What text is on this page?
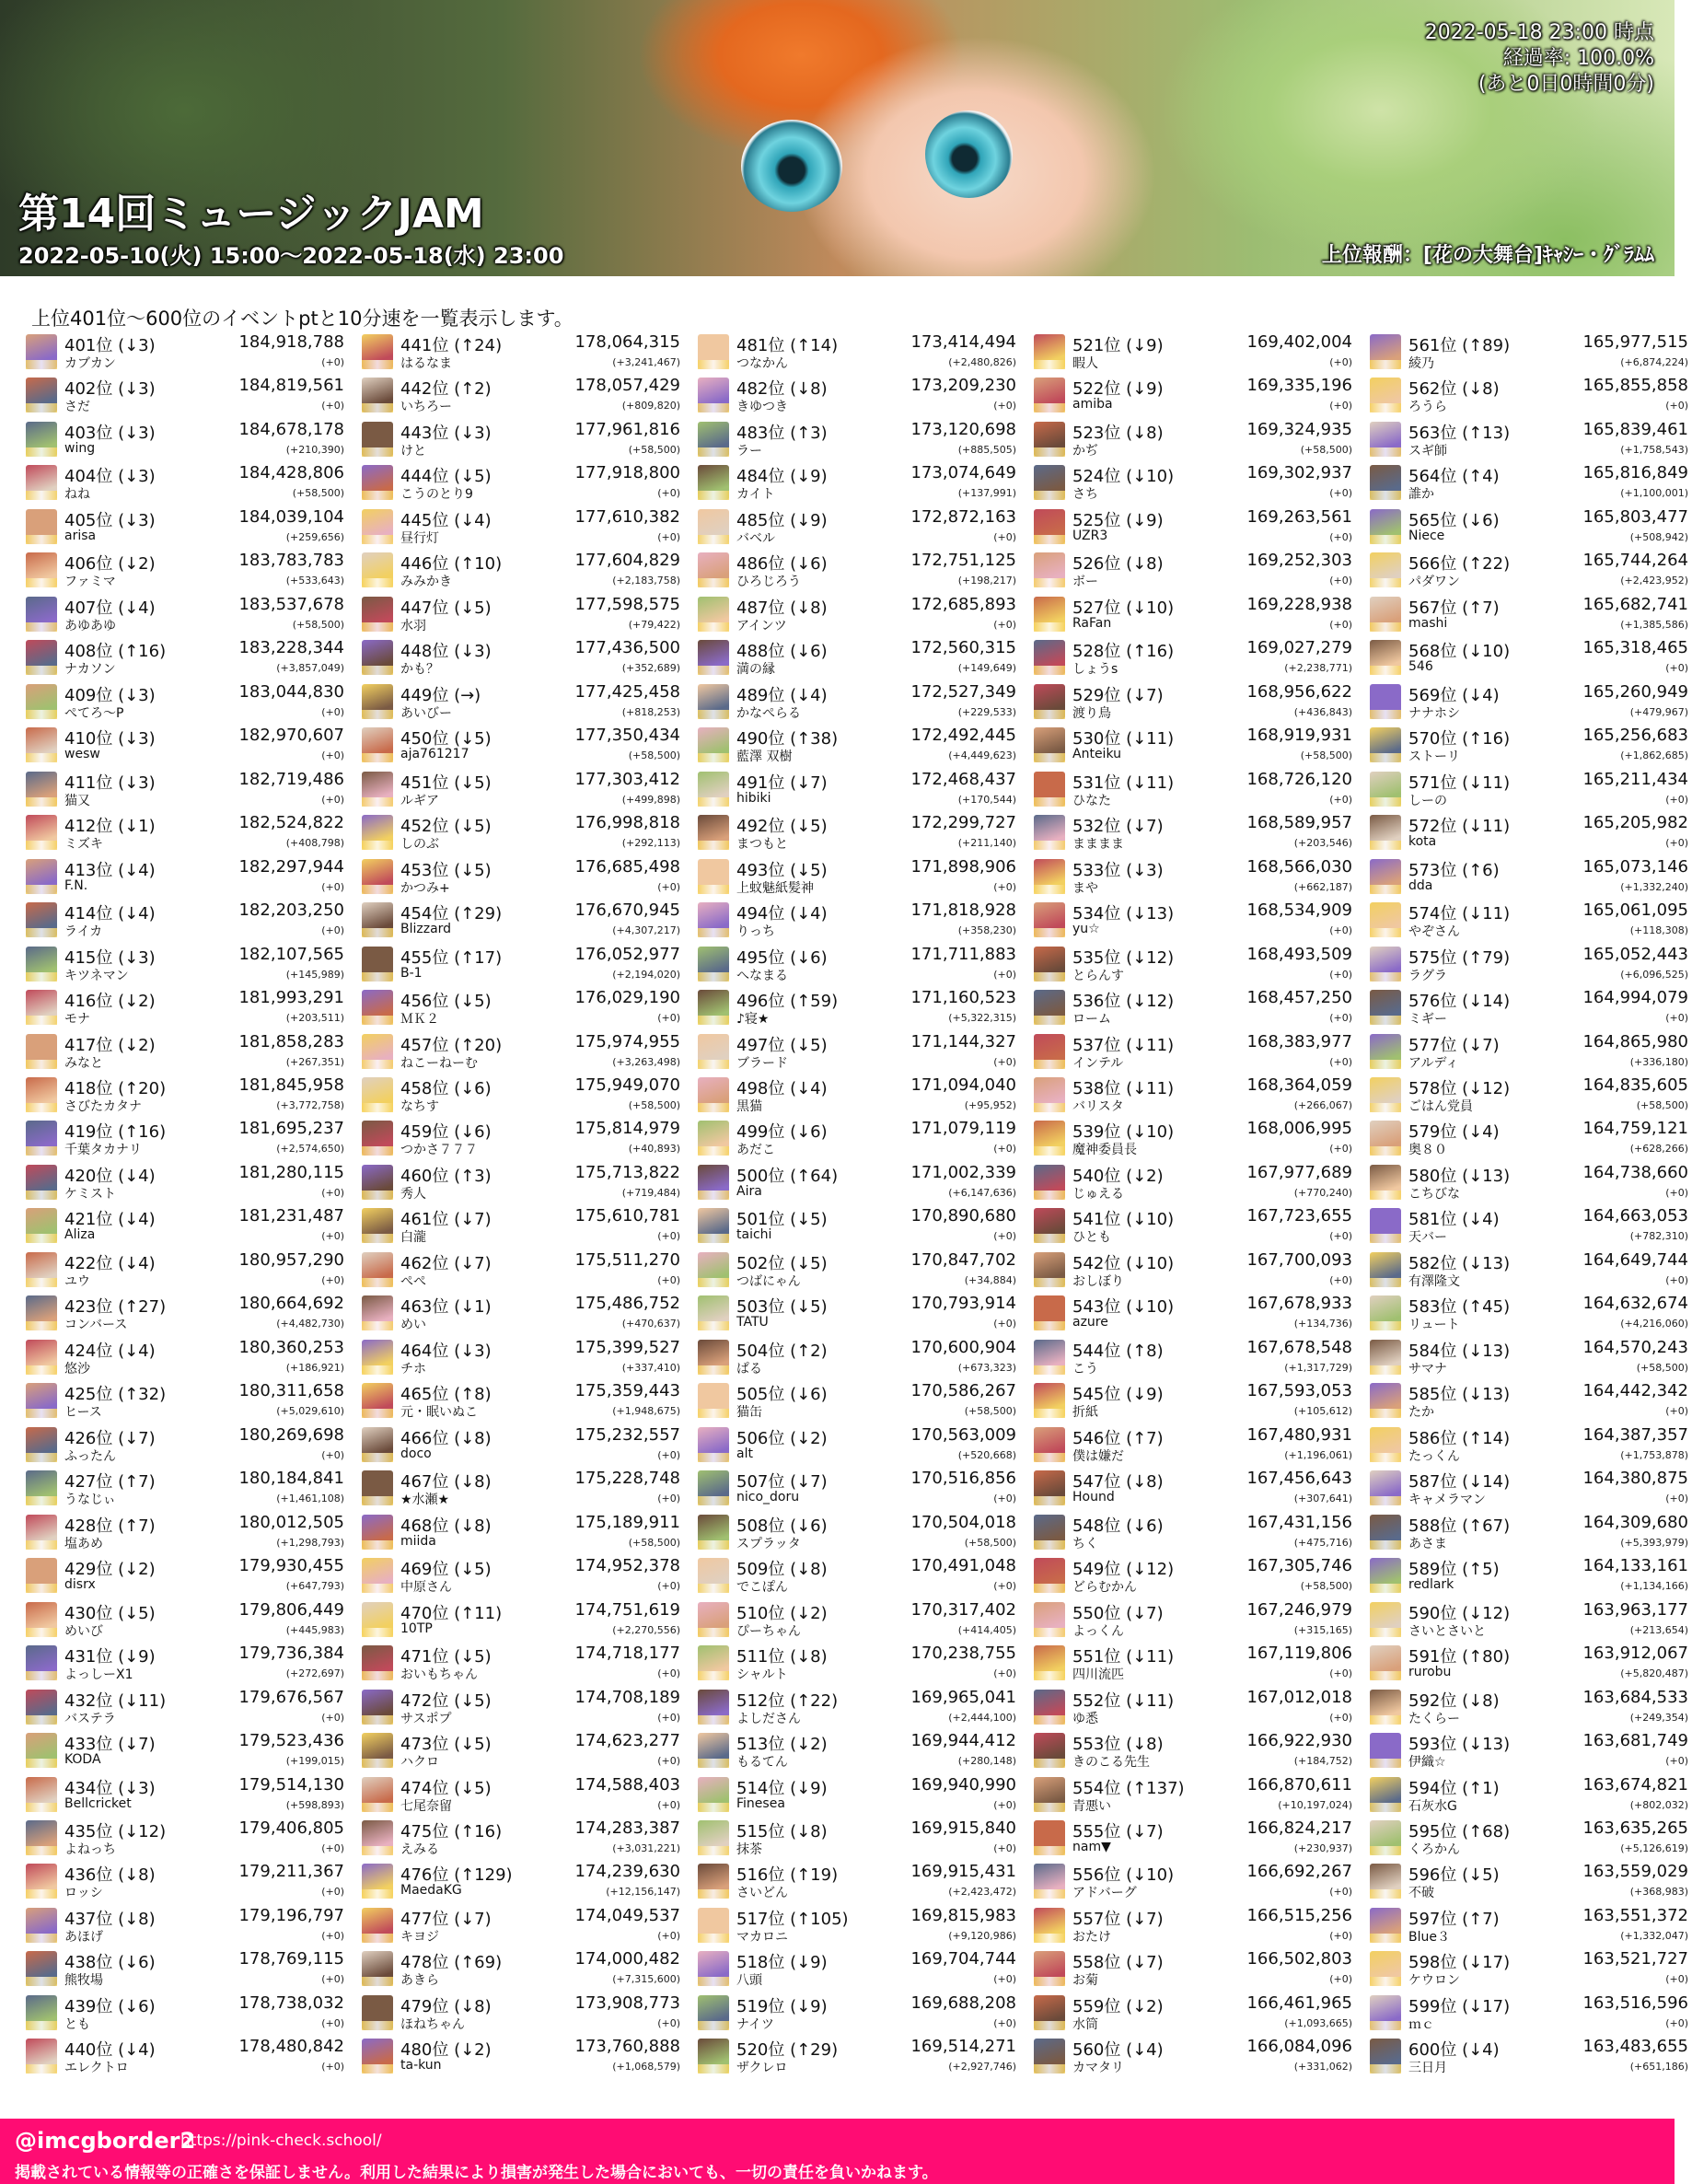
第14回ミュージックJAM
2022-05-10(火) 15:00～2022-05-18(水) 23:00	上位報酬：[花の大舞台]ｷｬｼｰ・ｸﾞﾗﾑﾑ
2022-05-18 23:00 時点
経過率: 100.0%
(あと0日0時間0分)
上位401位～600位のイベントptと10分速を一覧表示します。
401位 (↓3)
カブカン
184,918,788
(+0)
402位 (↓3)
さだ
184,819,561
(+0)
403位 (↓3)
wing
184,678,178
(+210,390)
404位 (↓3)
ねね
184,428,806
(+58,500)
405位 (↓3)
arisa
184,039,104
(+259,656)
406位 (↓2)
ファミマ
183,783,783
(+533,643)
407位 (↓4)
あゆあゆ
183,537,678
(+58,500)
408位 (↑16)
ナカソン
183,228,344
(+3,857,049)
409位 (↓3)
ぺてろ～P
183,044,830
(+0)
410位 (↓3)
wesw
182,970,607
(+0)
411位 (↓3)
猫又
182,719,486
(+0)
412位 (↓1)
ミズキ
182,524,822
(+408,798)
413位 (↓4)
F.N.
182,297,944
(+0)
414位 (↓4)
ライカ
182,203,250
(+0)
415位 (↓3)
キツネマン
182,107,565
(+145,989)
416位 (↓2)
モナ
181,993,291
(+203,511)
417位 (↓2)
みなと
181,858,283
(+267,351)
418位 (↑20)
さびたカタナ
181,845,958
(+3,772,758)
419位 (↑16)
千葉タカナリ
181,695,237
(+2,574,650)
420位 (↓4)
ケミスト
181,280,115
(+0)
421位 (↓4)
Aliza
181,231,487
(+0)
422位 (↓4)
ユウ
180,957,290
(+0)
423位 (↑27)
コンバース
180,664,692
(+4,482,730)
424位 (↓4)
悠沙
180,360,253
(+186,921)
425位 (↑32)
ヒース
180,311,658
(+5,029,610)
426位 (↓7)
ふったん
180,269,698
(+0)
427位 (↑7)
うなじぃ
180,184,841
(+1,461,108)
428位 (↑7)
塩あめ
180,012,505
(+1,298,793)
429位 (↓2)
disrx
179,930,455
(+647,793)
430位 (↓5)
めいび
179,806,449
(+445,983)
431位 (↓9)
よっしーX1
179,736,384
(+272,697)
432位 (↓11)
バステラ
179,676,567
(+0)
433位 (↓7)
KODA
179,523,436
(+199,015)
434位 (↓3)
Bellcricket
179,514,130
(+598,893)
435位 (↓12)
よねっち
179,406,805
(+0)
436位 (↓8)
ロッシ
179,211,367
(+0)
437位 (↓8)
あほげ
179,196,797
(+0)
438位 (↓6)
熊牧場
178,769,115
(+0)
439位 (↓6)
とも
178,738,032
(+0)
440位 (↓4)
エレクトロ
178,480,842
(+0)
441位 (↑24)
はるなま
178,064,315
(+3,241,467)
442位 (↑2)
いちろー
178,057,429
(+809,820)
443位 (↓3)
けと
177,961,816
(+58,500)
444位 (↓5)
こうのとり9
177,918,800
(+0)
445位 (↓4)
昼行灯
177,610,382
(+0)
446位 (↑10)
みみかき
177,604,829
(+2,183,758)
447位 (↓5)
水羽
177,598,575
(+79,422)
448位 (↓3)
かも？
177,436,500
(+352,689)
449位 (→)
あいびー
177,425,458
(+818,253)
450位 (↓5)
aja761217
177,350,434
(+58,500)
451位 (↓5)
ルギア
177,303,412
(+499,898)
452位 (↓5)
しのぶ
176,998,818
(+292,113)
453位 (↓5)
かつみ+
176,685,498
(+0)
454位 (↑29)
Blizzard
176,670,945
(+4,307,217)
455位 (↑17)
B-1
176,052,977
(+2,194,020)
456位 (↓5)
ＭＫ２
176,029,190
(+0)
457位 (↑20)
ねこーねーむ
175,974,955
(+3,263,498)
458位 (↓6)
なちす
175,949,070
(+58,500)
459位 (↓6)
つかさ７７７
175,814,979
(+40,893)
460位 (↑3)
秀人
175,713,822
(+719,484)
461位 (↓7)
白瀧
175,610,781
(+0)
462位 (↓7)
ぺぺ
175,511,270
(+0)
463位 (↓1)
めい
175,486,752
(+470,637)
464位 (↓3)
チホ
175,399,527
(+337,410)
465位 (↑8)
元・眠いぬこ
175,359,443
(+1,948,675)
466位 (↓8)
doco
175,232,557
(+0)
467位 (↓8)
★水瀬★
175,228,748
(+0)
468位 (↓8)
miida
175,189,911
(+58,500)
469位 (↓5)
中原さん
174,952,378
(+0)
470位 (↑11)
10TP
174,751,619
(+2,270,556)
471位 (↓5)
おいもちゃん
174,718,177
(+0)
472位 (↓5)
サスポプ
174,708,189
(+0)
473位 (↓5)
ハクロ
174,623,277
(+0)
474位 (↓5)
七尾奈留
174,588,403
(+0)
475位 (↑16)
えみる
174,283,387
(+3,031,221)
476位 (↑129)
MaedaKG
174,239,630
(+12,156,147)
477位 (↓7)
キヨジ
174,049,537
(+0)
478位 (↑69)
あきら
174,000,482
(+7,315,600)
479位 (↓8)
ほねちゃん
173,908,773
(+0)
480位 (↓2)
ta-kun
173,760,888
(+1,068,579)
481位 (↑14)
つなかん
173,414,494
(+2,480,826)
482位 (↓8)
きゆつき
173,209,230
(+0)
483位 (↑3)
ラー
173,120,698
(+885,505)
484位 (↓9)
カイト
173,074,649
(+137,991)
485位 (↓9)
バベル
172,872,163
(+0)
486位 (↓6)
ひろじろう
172,751,125
(+198,217)
487位 (↓8)
アインツ
172,685,893
(+0)
488位 (↓6)
満の縁
172,560,315
(+149,649)
489位 (↓4)
かなぺらる
172,527,349
(+229,533)
490位 (↑38)
藍澤 双樹
172,492,445
(+4,449,623)
491位 (↓7)
hibiki
172,468,437
(+170,544)
492位 (↓5)
まつもと
172,299,727
(+211,140)
493位 (↓5)
上蚊魅紙髪神
171,898,906
(+0)
494位 (↓4)
りっち
171,818,928
(+358,230)
495位 (↓6)
へなまる
171,711,883
(+0)
496位 (↑59)
♪寝★
171,160,523
(+5,322,315)
497位 (↓5)
ブラード
171,144,327
(+0)
498位 (↓4)
黒猫
171,094,040
(+95,952)
499位 (↓6)
あだこ
171,079,119
(+0)
500位 (↑64)
Aira
171,002,339
(+6,147,636)
501位 (↓5)
taichi
170,890,680
(+0)
502位 (↓5)
つばにゃん
170,847,702
(+34,884)
503位 (↓5)
TATU
170,793,914
(+0)
504位 (↑2)
ぱる
170,600,904
(+673,323)
505位 (↓6)
猫缶
170,586,267
(+58,500)
506位 (↓2)
alt
170,563,009
(+520,668)
507位 (↓7)
nico_doru
170,516,856
(+0)
508位 (↓6)
スプラッタ
170,504,018
(+58,500)
509位 (↓8)
でこぽん
170,491,048
(+0)
510位 (↓2)
ぴーちゃん
170,317,402
(+414,405)
511位 (↓8)
シャルト
170,238,755
(+0)
512位 (↑22)
よしださん
169,965,041
(+2,444,100)
513位 (↓2)
もるてん
169,944,412
(+280,148)
514位 (↓9)
Finesea
169,940,990
(+0)
515位 (↓8)
抹茶
169,915,840
(+0)
516位 (↑19)
さいどん
169,915,431
(+2,423,472)
517位 (↑105)
マカロニ
169,815,983
(+9,120,986)
518位 (↓9)
八頭
169,704,744
(+0)
519位 (↓9)
ナイツ
169,688,208
(+0)
520位 (↑29)
ザクレロ
169,514,271
(+2,927,746)
521位 (↓9)
暇人
169,402,004
(+0)
522位 (↓9)
amiba
169,335,196
(+0)
523位 (↓8)
かぢ
169,324,935
(+58,500)
524位 (↓10)
さち
169,302,937
(+0)
525位 (↓9)
UZR3
169,263,561
(+0)
526位 (↓8)
ボー
169,252,303
(+0)
527位 (↓10)
RaFan
169,228,938
(+0)
528位 (↑16)
しょうs
169,027,279
(+2,238,771)
529位 (↓7)
渡り鳥
168,956,622
(+436,843)
530位 (↓11)
Anteiku
168,919,931
(+58,500)
531位 (↓11)
ひなた
168,726,120
(+0)
532位 (↓7)
まままま
168,589,957
(+203,546)
533位 (↓3)
まや
168,566,030
(+662,187)
534位 (↓13)
yu☆
168,534,909
(+0)
535位 (↓12)
とらんす
168,493,509
(+0)
536位 (↓12)
ローム
168,457,250
(+0)
537位 (↓11)
インテル
168,383,977
(+0)
538位 (↓11)
バリスタ
168,364,059
(+266,067)
539位 (↓10)
魔神委員長
168,006,995
(+0)
540位 (↓2)
じゅえる
167,977,689
(+770,240)
541位 (↓10)
ひとも
167,723,655
(+0)
542位 (↓10)
おしぼり
167,700,093
(+0)
543位 (↓10)
azure
167,678,933
(+134,736)
544位 (↑8)
こう
167,678,548
(+1,317,729)
545位 (↓9)
折紙
167,593,053
(+105,612)
546位 (↑7)
僕は嫌だ
167,480,931
(+1,196,061)
547位 (↓8)
Hound
167,456,643
(+307,641)
548位 (↓6)
ちく
167,431,156
(+475,716)
549位 (↓12)
どらむかん
167,305,746
(+58,500)
550位 (↓7)
よっくん
167,246,979
(+315,165)
551位 (↓11)
四川流匹
167,119,806
(+0)
552位 (↓11)
ゆ悉
167,012,018
(+0)
553位 (↓8)
きのこる先生
166,922,930
(+184,752)
554位 (↑137)
青悪い
166,870,611
(+10,197,024)
555位 (↓7)
nam▼
166,824,217
(+230,937)
556位 (↓10)
アドバーグ
166,692,267
(+0)
557位 (↓7)
おたけ
166,515,256
(+0)
558位 (↓7)
お菊
166,502,803
(+0)
559位 (↓2)
水筒
166,461,965
(+1,093,665)
560位 (↓4)
カマタリ
166,084,096
(+331,062)
561位 (↑89)
綾乃
165,977,515
(+6,874,224)
562位 (↓8)
ろうら
165,855,858
(+0)
563位 (↑13)
スギ師
165,839,461
(+1,758,543)
564位 (↑4)
誰か
165,816,849
(+1,100,001)
565位 (↓6)
Niece
165,803,477
(+508,942)
566位 (↑22)
パダワン
165,744,264
(+2,423,952)
567位 (↑7)
mashi
165,682,741
(+1,385,586)
568位 (↓10)
546
165,318,465
(+0)
569位 (↓4)
ナナホシ
165,260,949
(+479,967)
570位 (↑16)
ストーリ
165,256,683
(+1,862,685)
571位 (↓11)
しーの
165,211,434
(+0)
572位 (↓11)
kota
165,205,982
(+0)
573位 (↑6)
dda
165,073,146
(+1,332,240)
574位 (↓11)
やぞさん
165,061,095
(+118,308)
575位 (↑79)
ラグラ
165,052,443
(+6,096,525)
576位 (↓14)
ミギー
164,994,079
(+0)
577位 (↓7)
アルディ
164,865,980
(+336,180)
578位 (↓12)
ごはん党員
164,835,605
(+58,500)
579位 (↓4)
奥８０
164,759,121
(+628,266)
580位 (↓13)
こちびな
164,738,660
(+0)
581位 (↓4)
天バー
164,663,053
(+782,310)
582位 (↓13)
有澤隆文
164,649,744
(+0)
583位 (↑45)
リュート
164,632,674
(+4,216,060)
584位 (↓13)
サマナ
164,570,243
(+58,500)
585位 (↓13)
たか
164,442,342
(+0)
586位 (↑14)
たっくん
164,387,357
(+1,753,878)
587位 (↓14)
キャメラマン
164,380,875
(+0)
588位 (↑67)
あさま
164,309,680
(+5,393,979)
589位 (↑5)
redlark
164,133,161
(+1,134,166)
590位 (↓12)
さいとさいと
163,963,177
(+213,654)
591位 (↑80)
rurobu
163,912,067
(+5,820,487)
592位 (↓8)
たくらー
163,684,533
(+249,354)
593位 (↓13)
伊織☆
163,681,749
(+0)
594位 (↑1)
石灰水G
163,674,821
(+802,032)
595位 (↑68)
くろかん
163,635,265
(+5,126,619)
596位 (↓5)
不破
163,559,029
(+368,983)
597位 (↑7)
Blue３
163,551,372
(+1,332,047)
598位 (↓17)
ケウロン
163,521,727
(+0)
599位 (↓17)
ｍｃ
163,516,596
(+0)
600位 (↓4)
三日月
163,483,655
(+651,186)
@imcgborder2
https://pink-check.school/
掲載されている情報等の正確さを保証しません。利用した結果により損害が発生した場合においても、一切の責任を負いかねます。
